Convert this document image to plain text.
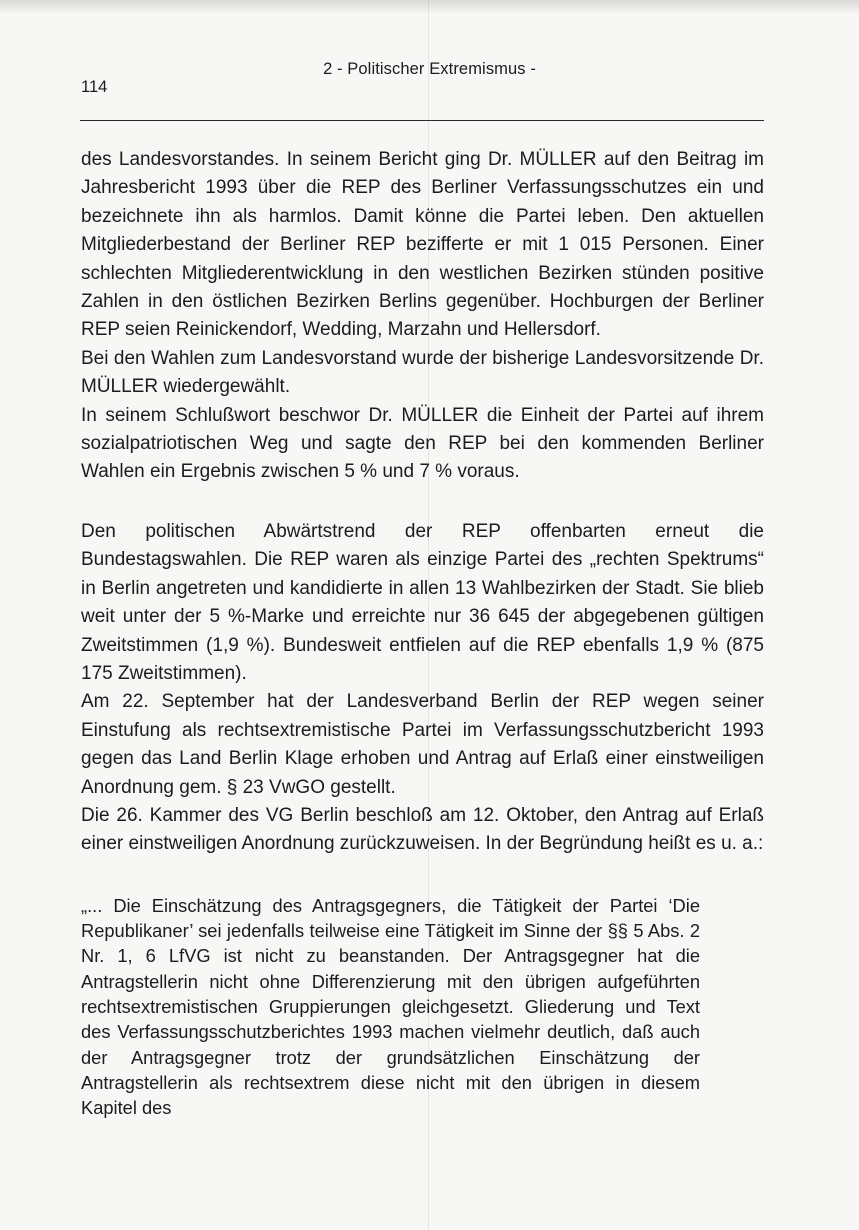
2 - Politischer Extremismus -
114

des Landesvorstandes. In seinem Bericht ging Dr. MÜLLER auf den Beitrag im Jahresbericht 1993 über die REP des Berliner Verfassungsschutzes ein und bezeichnete ihn als harmlos. Damit könne die Partei leben. Den aktuellen Mitgliederbestand der Berliner REP bezifferte er mit 1 015 Personen. Einer schlechten Mitgliederentwicklung in den westlichen Bezirken stünden positive Zahlen in den östlichen Bezirken Berlins gegenüber. Hochburgen der Berliner REP seien Reinickendorf, Wedding, Marzahn und Hellersdorf.

Bei den Wahlen zum Landesvorstand wurde der bisherige Landesvorsitzende Dr. MÜLLER wiedergewählt.

In seinem Schlußwort beschwor Dr. MÜLLER die Einheit der Partei auf ihrem sozialpatriotischen Weg und sagte den REP bei den kommenden Berliner Wahlen ein Ergebnis zwischen 5 % und 7 % voraus.

Den politischen Abwärtstrend der REP offenbarten erneut die Bundestagswahlen. Die REP waren als einzige Partei des „rechten Spektrums“ in Berlin angetreten und kandidierte in allen 13 Wahlbezirken der Stadt. Sie blieb weit unter der 5 %-Marke und erreichte nur 36 645 der abgegebenen gültigen Zweitstimmen (1,9 %). Bundesweit entfielen auf die REP ebenfalls 1,9 % (875 175 Zweitstimmen).

Am 22. September hat der Landesverband Berlin der REP wegen seiner Einstufung als rechtsextremistische Partei im Verfassungsschutzbericht 1993 gegen das Land Berlin Klage erhoben und Antrag auf Erlaß einer einstweiligen Anordnung gem. § 23 VwGO gestellt.

Die 26. Kammer des VG Berlin beschloß am 12. Oktober, den Antrag auf Erlaß einer einstweiligen Anordnung zurückzuweisen. In der Begründung heißt es u. a.:

„... Die Einschätzung des Antragsgegners, die Tätigkeit der Partei ‘Die Republikaner’ sei jedenfalls teilweise eine Tätigkeit im Sinne der §§ 5 Abs. 2 Nr. 1, 6 LfVG ist nicht zu beanstanden. Der Antragsgegner hat die Antragstellerin nicht ohne Differenzierung mit den übrigen aufgeführten rechtsextremistischen Gruppierungen gleichgesetzt. Gliederung und Text des Verfassungsschutzberichtes 1993 machen vielmehr deutlich, daß auch der Antragsgegner trotz der grundsätzlichen Einschätzung der Antragstellerin als rechtsextrem diese nicht mit den übrigen in diesem Kapitel des
